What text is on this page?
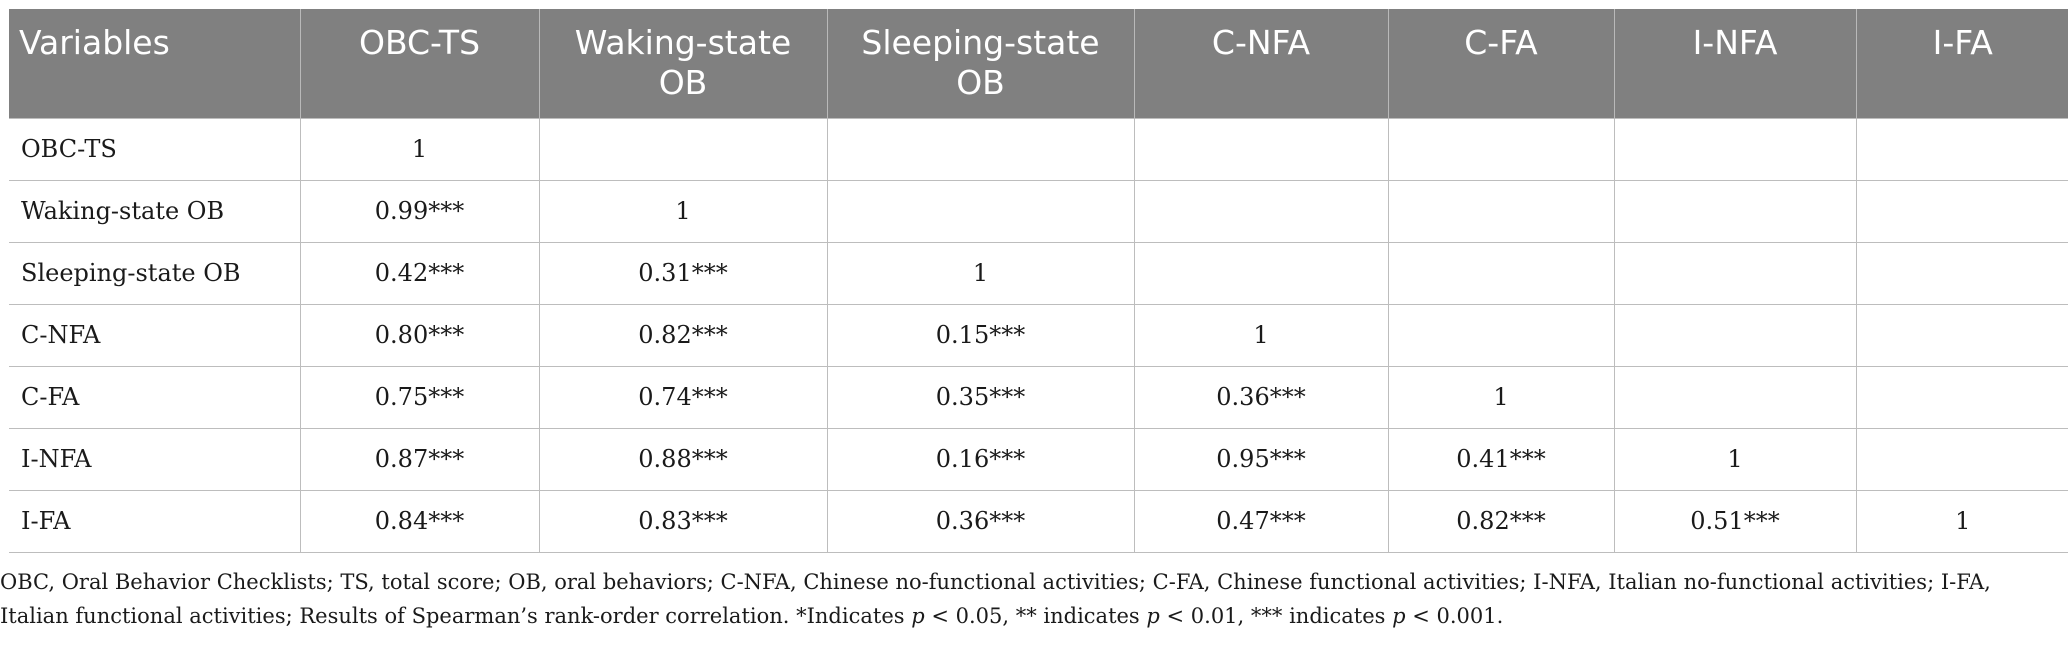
Variables	OBC-TS	Waking-state OB	Sleeping-state OB	C-NFA	C-FA	I-NFA	I-FA
OBC-TS	1						
Waking-state OB	0.99***	1					
Sleeping-state OB	0.42***	0.31***	1				
C-NFA	0.80***	0.82***	0.15***	1			
C-FA	0.75***	0.74***	0.35***	0.36***	1		
I-NFA	0.87***	0.88***	0.16***	0.95***	0.41***	1	
I-FA	0.84***	0.83***	0.36***	0.47***	0.82***	0.51***	1
OBC, Oral Behavior Checklists; TS, total score; OB, oral behaviors; C-NFA, Chinese no-functional activities; C-FA, Chinese functional activities; I-NFA, Italian no-functional activities; I-FA, Italian functional activities; Results of Spearman’s rank-order correlation. *Indicates p < 0.05, ** indicates p < 0.01, *** indicates p < 0.001.
